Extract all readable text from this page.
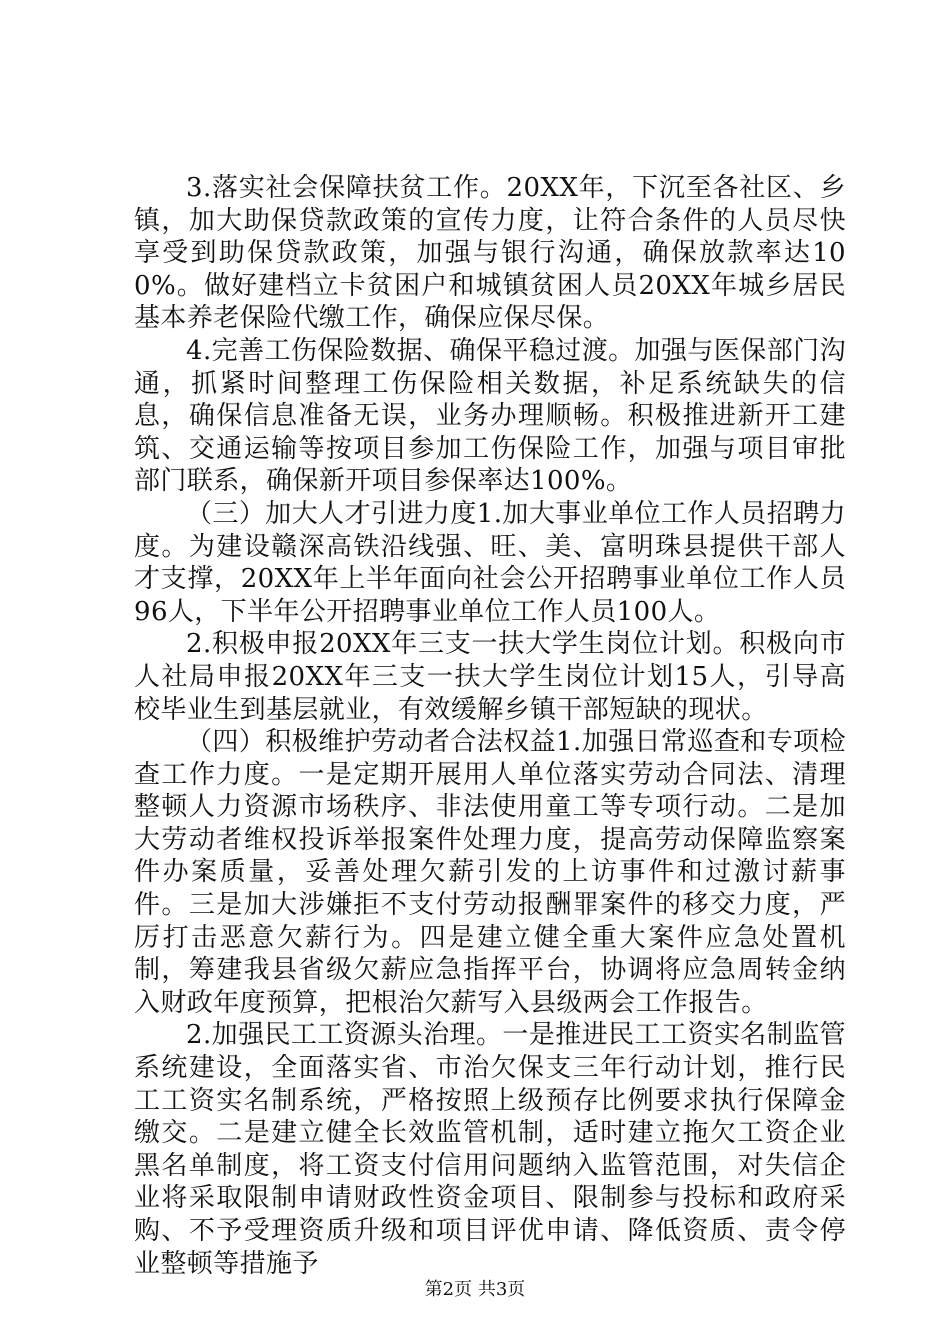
3.落实社会保障扶贫工作。20XX年，下沉至各社区、乡镇，加大助保贷款政策的宣传力度，让符合条件的人员尽快享受到助保贷款政策，加强与银行沟通，确保放款率达100%。做好建档立卡贫困户和城镇贫困人员20XX年城乡居民基本养老保险代缴工作，确保应保尽保。

4.完善工伤保险数据、确保平稳过渡。加强与医保部门沟通，抓紧时间整理工伤保险相关数据，补足系统缺失的信息，确保信息准备无误，业务办理顺畅。积极推进新开工建筑、交通运输等按项目参加工伤保险工作，加强与项目审批部门联系，确保新开项目参保率达100%。

（三）加大人才引进力度1.加大事业单位工作人员招聘力度。为建设赣深高铁沿线强、旺、美、富明珠县提供干部人才支撑，20XX年上半年面向社会公开招聘事业单位工作人员96人，下半年公开招聘事业单位工作人员100人。

2.积极申报20XX年三支一扶大学生岗位计划。积极向市人社局申报20XX年三支一扶大学生岗位计划15人，引导高校毕业生到基层就业，有效缓解乡镇干部短缺的现状。

（四）积极维护劳动者合法权益1.加强日常巡查和专项检查工作力度。一是定期开展用人单位落实劳动合同法、清理整顿人力资源市场秩序、非法使用童工等专项行动。二是加大劳动者维权投诉举报案件处理力度，提高劳动保障监察案件办案质量，妥善处理欠薪引发的上访事件和过激讨薪事件。三是加大涉嫌拒不支付劳动报酬罪案件的移交力度，严厉打击恶意欠薪行为。四是建立健全重大案件应急处置机制，筹建我县省级欠薪应急指挥平台，协调将应急周转金纳入财政年度预算，把根治欠薪写入县级两会工作报告。

2.加强民工工资源头治理。一是推进民工工资实名制监管系统建设，全面落实省、市治欠保支三年行动计划，推行民工工资实名制系统，严格按照上级预存比例要求执行保障金缴交。二是建立健全长效监管机制，适时建立拖欠工资企业黑名单制度，将工资支付信用问题纳入监管范围，对失信企业将采取限制申请财政性资金项目、限制参与投标和政府采购、不予受理资质升级和项目评优申请、降低资质、责令停业整顿等措施予

第2页 共3页
